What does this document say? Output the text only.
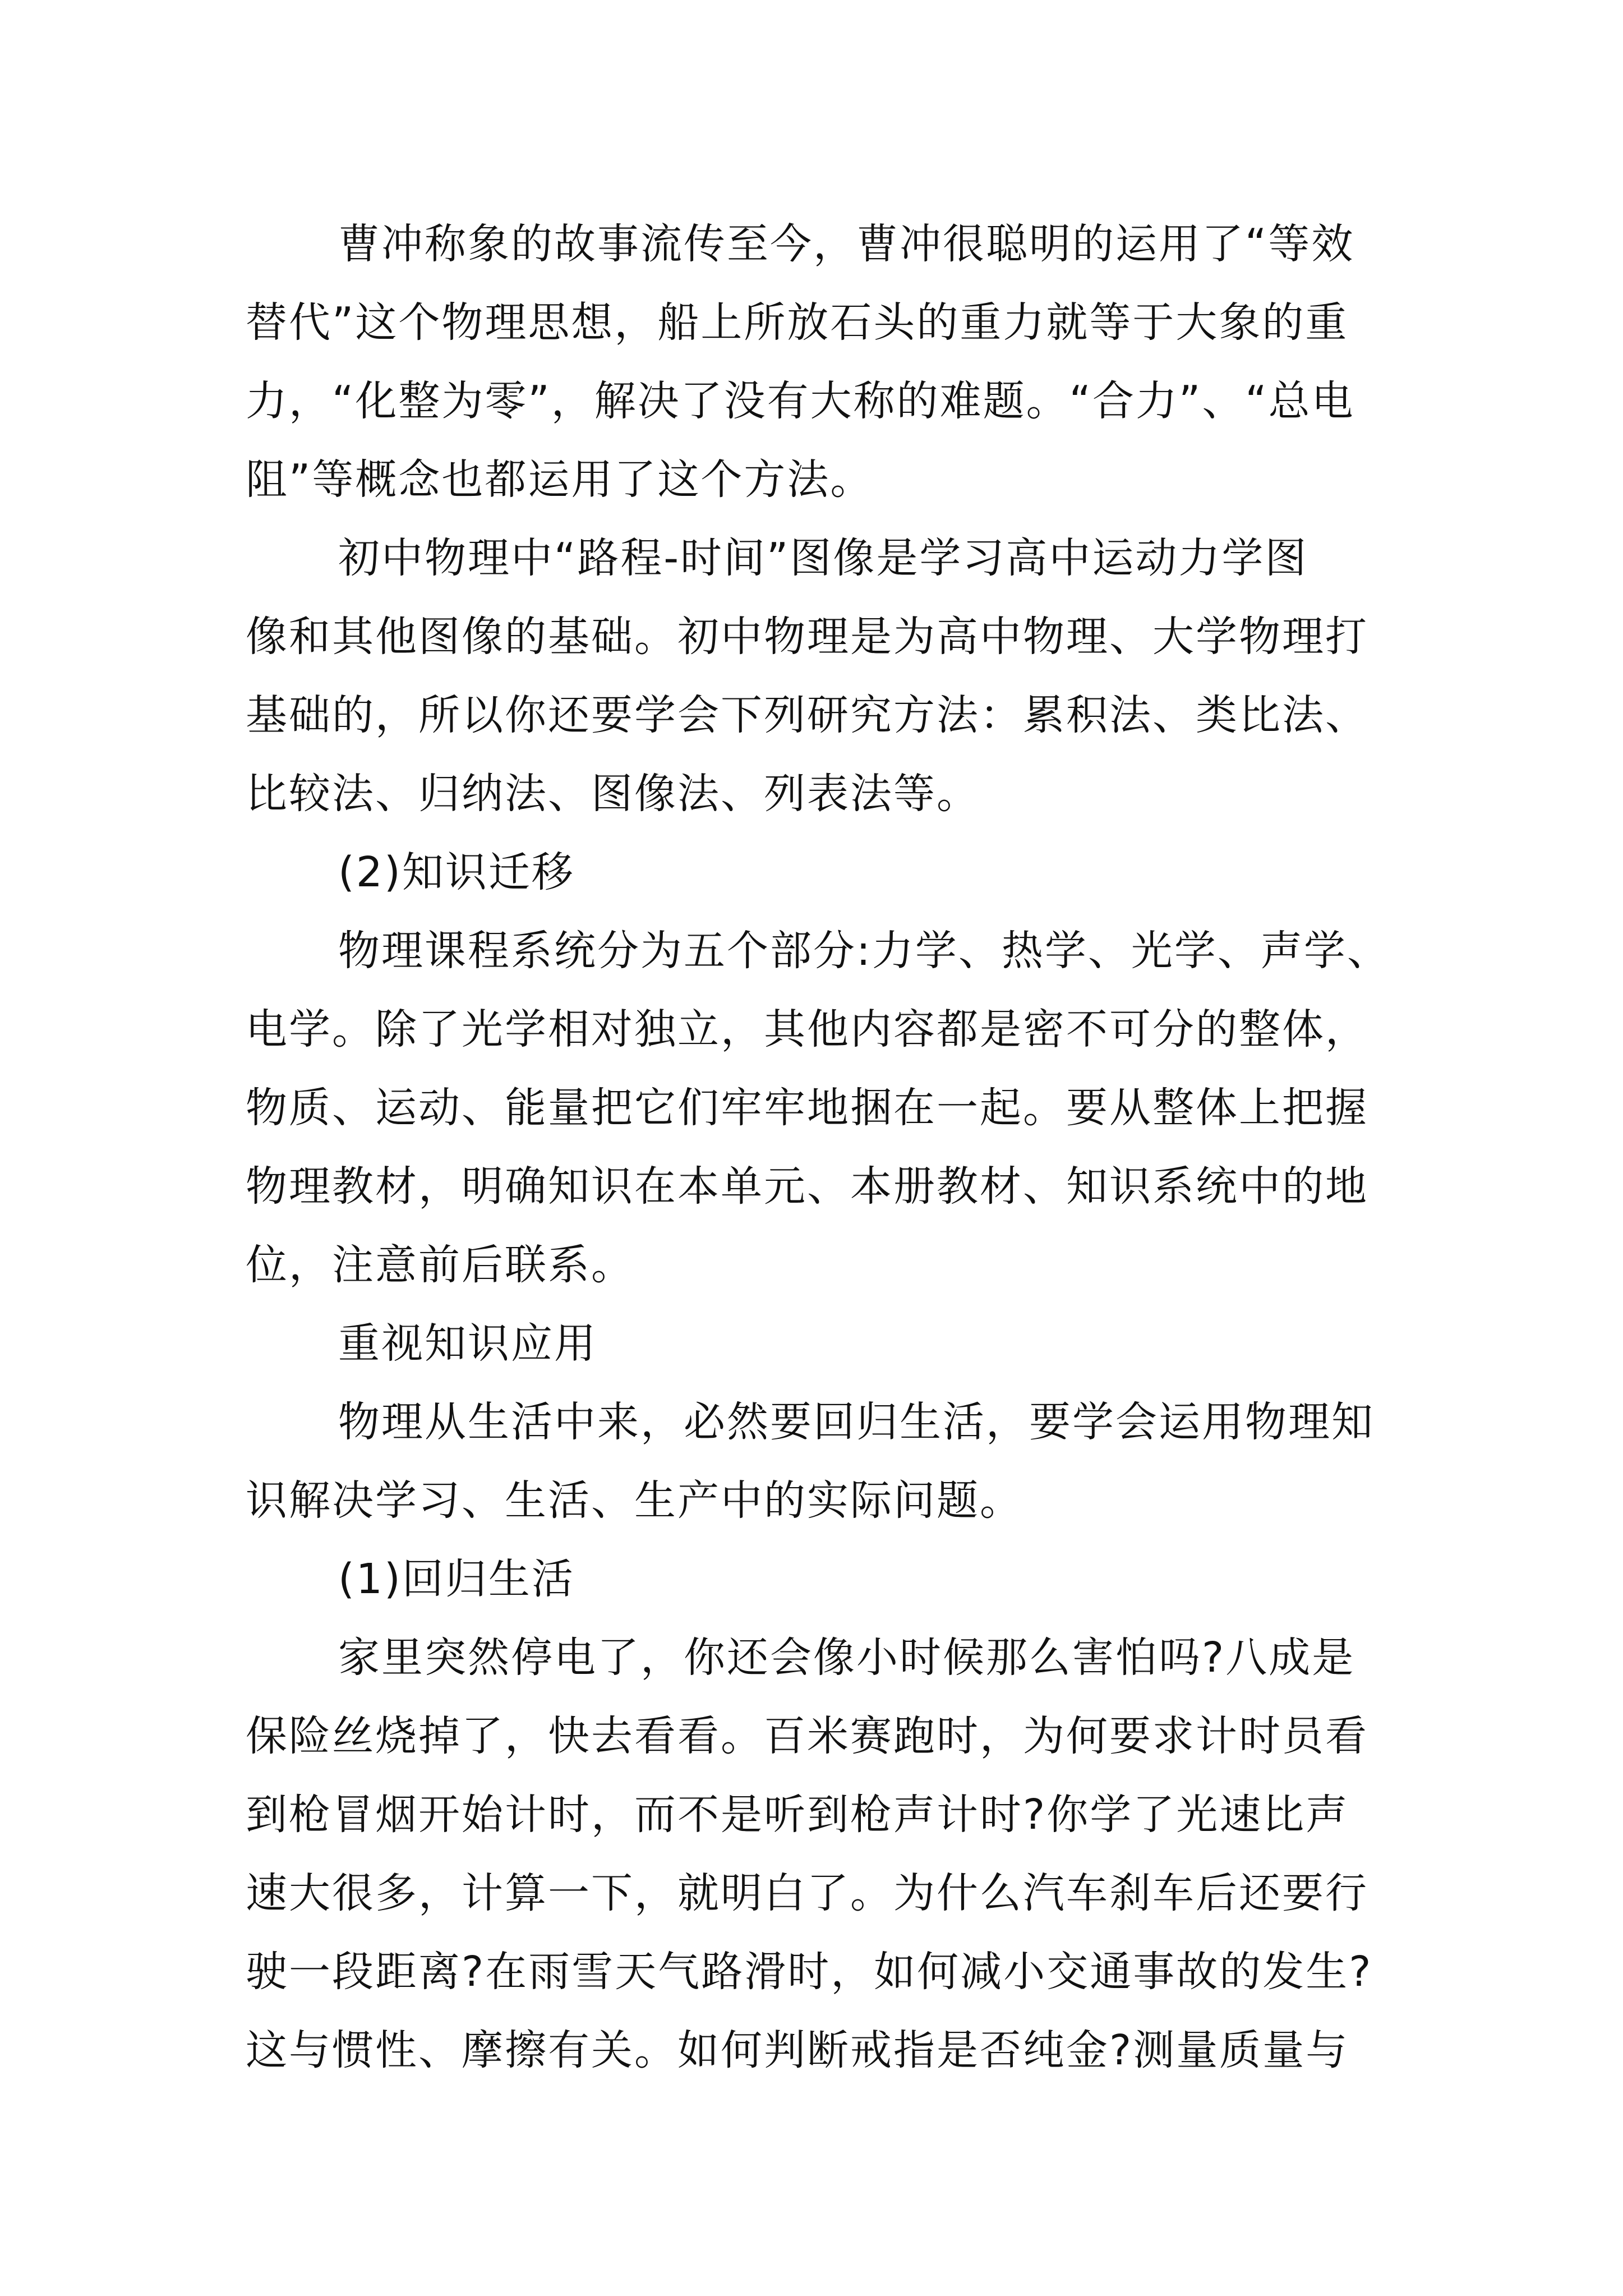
曹冲称象的故事流传至今，曹冲很聪明的运用了“等效
替代”这个物理思想，船上所放石头的重力就等于大象的重
力，“化整为零”，解决了没有大称的难题。“合力”、“总电
阻”等概念也都运用了这个方法。
初中物理中“路程-时间”图像是学习高中运动力学图
像和其他图像的基础。初中物理是为高中物理、大学物理打
基础的，所以你还要学会下列研究方法：累积法、类比法、
比较法、归纳法、图像法、列表法等。
(2)知识迁移
物理课程系统分为五个部分:力学、热学、光学、声学、
电学。除了光学相对独立，其他内容都是密不可分的整体，
物质、运动、能量把它们牢牢地捆在一起。要从整体上把握
物理教材，明确知识在本单元、本册教材、知识系统中的地
位，注意前后联系。
重视知识应用
物理从生活中来，必然要回归生活，要学会运用物理知
识解决学习、生活、生产中的实际问题。
(1)回归生活
家里突然停电了，你还会像小时候那么害怕吗?八成是
保险丝烧掉了，快去看看。百米赛跑时，为何要求计时员看
到枪冒烟开始计时，而不是听到枪声计时?你学了光速比声
速大很多，计算一下，就明白了。为什么汽车刹车后还要行
驶一段距离?在雨雪天气路滑时，如何减小交通事故的发生?
这与惯性、摩擦有关。如何判断戒指是否纯金?测量质量与
